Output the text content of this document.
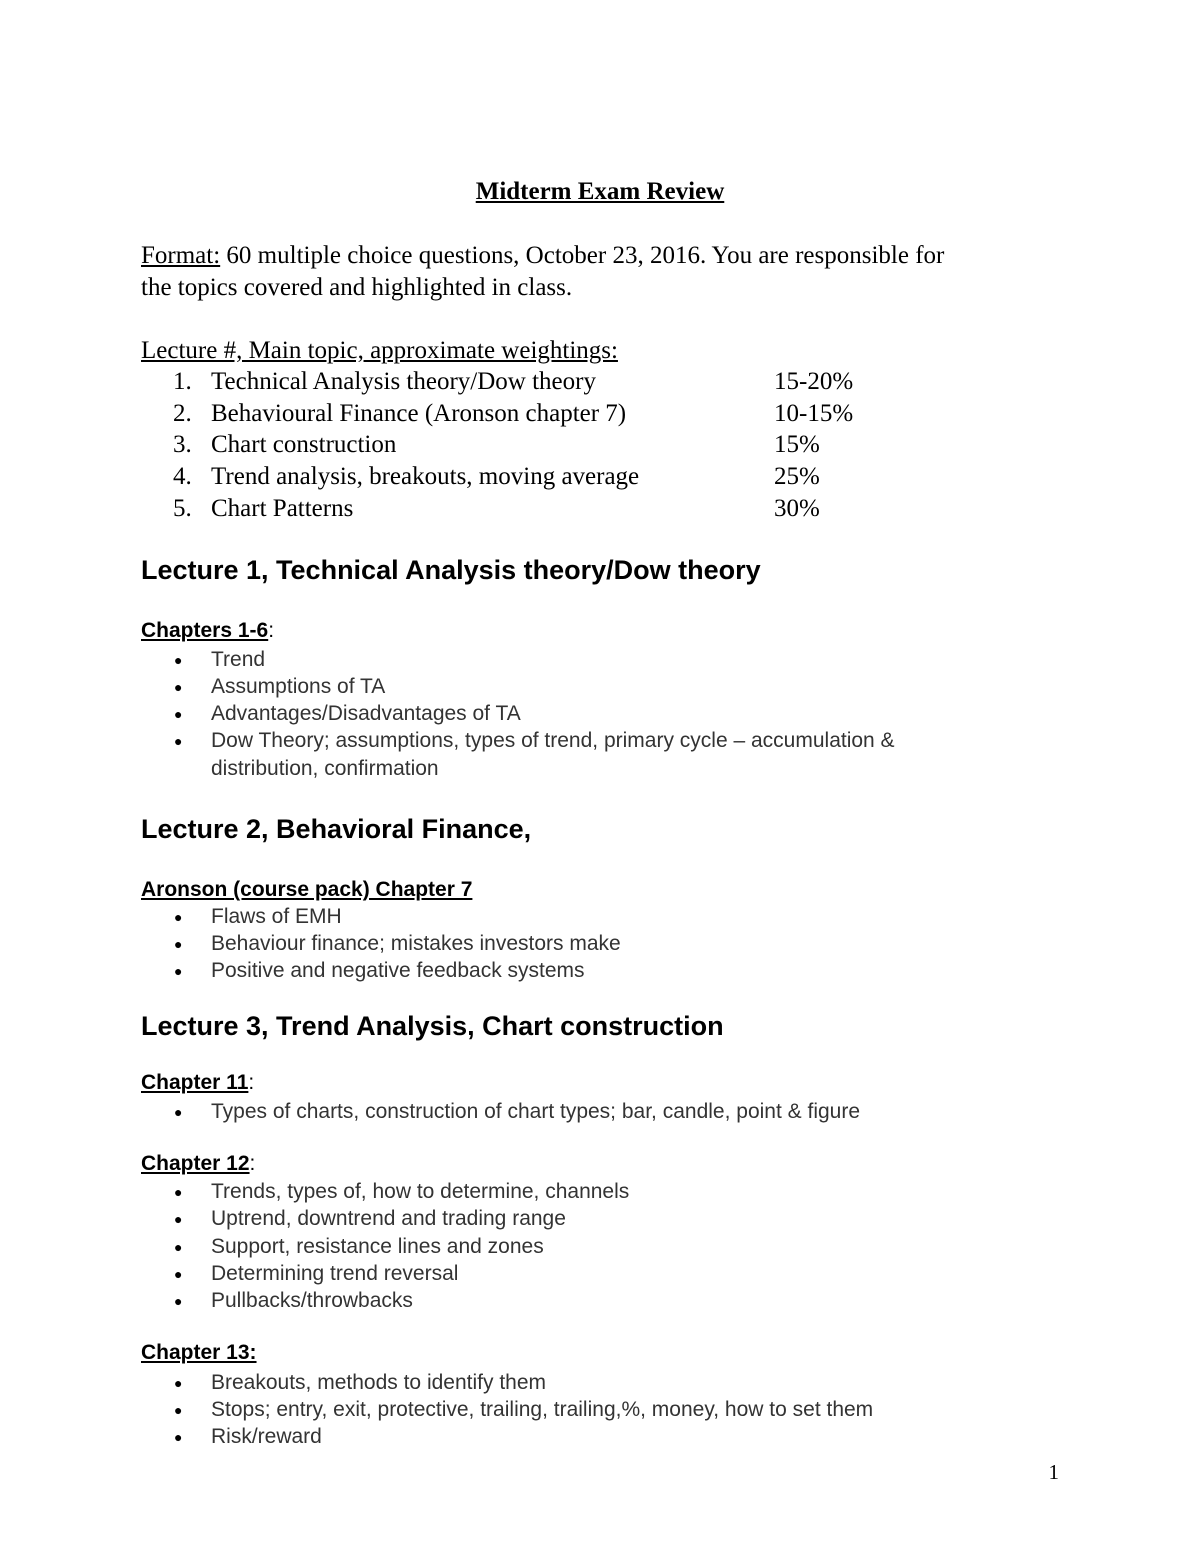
Midterm Exam Review
Format: 60 multiple choice questions, October 23, 2016. You are responsible for
the topics covered and highlighted in class.
Lecture #, Main topic, approximate weightings:
1. Technical Analysis theory/Dow theory	15-20%
2. Behavioural Finance (Aronson chapter 7)	10-15%
3. Chart construction	15%
4. Trend analysis, breakouts, moving average	25%
5. Chart Patterns	30%
Lecture 1, Technical Analysis theory/Dow theory
Chapters 1-6:
● Trend
● Assumptions of TA
● Advantages/Disadvantages of TA
● Dow Theory; assumptions, types of trend, primary cycle – accumulation &
distribution, confirmation
Lecture 2, Behavioral Finance,
Aronson (course pack) Chapter 7
● Flaws of EMH
● Behaviour finance; mistakes investors make
● Positive and negative feedback systems
Lecture 3, Trend Analysis, Chart construction
Chapter 11:
● Types of charts, construction of chart types; bar, candle, point & figure
Chapter 12:
● Trends, types of, how to determine, channels
● Uptrend, downtrend and trading range
● Support, resistance lines and zones
● Determining trend reversal
● Pullbacks/throwbacks
Chapter 13:
● Breakouts, methods to identify them
● Stops; entry, exit, protective, trailing, trailing,%, money, how to set them
● Risk/reward
1
